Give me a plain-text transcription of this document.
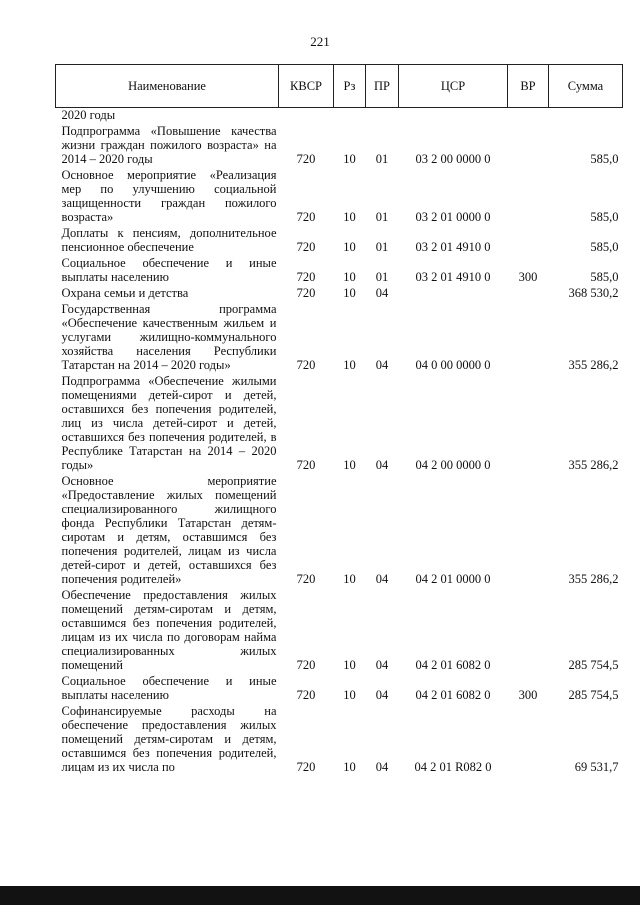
221
Наименование	КВСР	Рз	ПР	ЦСР	ВР	Сумма
2020 годы						
Подпрограмма «Повышение качества жизни граждан пожилого возраста» на 2014 – 2020 годы	720	10	01	03 2 00 0000 0		585,0
Основное мероприятие «Реализация мер по улучшению социальной защищенности граждан пожилого возраста»	720	10	01	03 2 01 0000 0		585,0
Доплаты к пенсиям, дополнительное пенсионное обеспечение	720	10	01	03 2 01 4910 0		585,0
Социальное обеспечение и иные выплаты населению	720	10	01	03 2 01 4910 0	300	585,0
Охрана семьи и детства	720	10	04			368 530,2
Государственная программа «Обеспечение качественным жильем и услугами жилищно-коммунального хозяйства населения Республики Татарстан на 2014 – 2020 годы»	720	10	04	04 0 00 0000 0		355 286,2
Подпрограмма «Обеспечение жилыми помещениями детей-сирот и детей, оставшихся без попечения родителей, лиц из числа детей-сирот и детей, оставшихся без попечения родителей, в Республике Татарстан на 2014 – 2020 годы»	720	10	04	04 2 00 0000 0		355 286,2
Основное мероприятие «Предоставление жилых помещений специализированного жилищного фонда Республики Татарстан детям-сиротам и детям, оставшимся без попечения родителей, лицам из числа детей-сирот и детей, оставшихся без попечения родителей»	720	10	04	04 2 01 0000 0		355 286,2
Обеспечение предоставления жилых помещений детям-сиротам и детям, оставшимся без попечения родителей, лицам из их числа по договорам найма специализированных жилых помещений	720	10	04	04 2 01 6082 0		285 754,5
Социальное обеспечение и иные выплаты населению	720	10	04	04 2 01 6082 0	300	285 754,5
Софинансируемые расходы на обеспечение предоставления жилых помещений детям-сиротам и детям, оставшимся без попечения родителей, лицам из их числа по	720	10	04	04 2 01 R082 0		69 531,7
